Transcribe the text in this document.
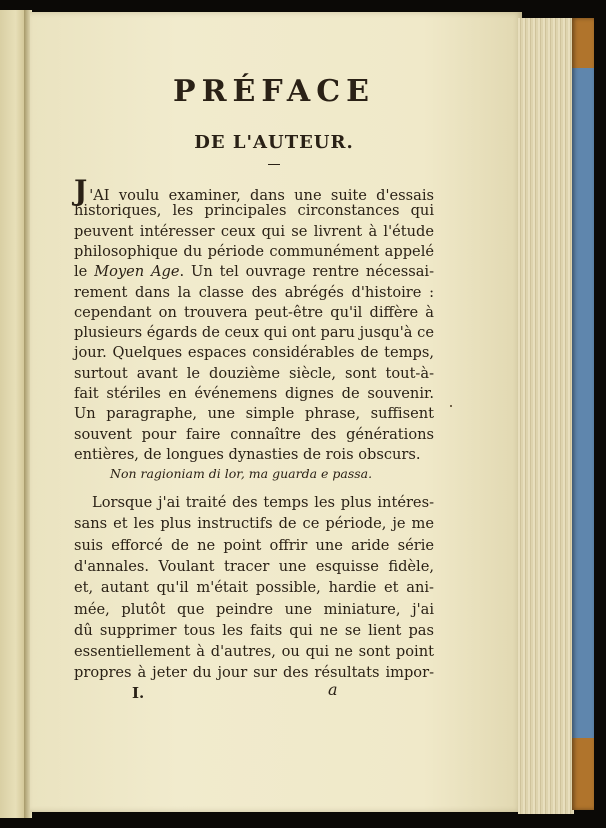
PRÉFACE
DE L'AUTEUR.
J 'AI voulu examiner, dans une suite d'essais
historiques, les principales circonstances qui
peuvent intéresser ceux qui se livrent à l'étude
philosophique du période communément appelé
le Moyen Age. Un tel ouvrage rentre nécessai-
rement dans la classe des abrégés d'histoire :
cependant on trouvera peut-être qu'il diffère à
plusieurs égards de ceux qui ont paru jusqu'à ce
jour. Quelques espaces considérables de temps,
surtout avant le douzième siècle, sont tout-à-
fait stériles en événemens dignes de souvenir.
Un paragraphe, une simple phrase, suffisent
souvent pour faire connaître des générations
entières, de longues dynasties de rois obscurs.
Non ragioniam di lor, ma guarda e passa.
Lorsque j'ai traité des temps les plus intéres-
sans et les plus instructifs de ce période, je me
suis efforcé de ne point offrir une aride série
d'annales. Voulant tracer une esquisse fidèle,
et, autant qu'il m'était possible, hardie et ani-
mée, plutôt que peindre une miniature, j'ai
dû supprimer tous les faits qui ne se lient pas
essentiellement à d'autres, ou qui ne sont point
propres à jeter du jour sur des résultats impor-
I.	a
